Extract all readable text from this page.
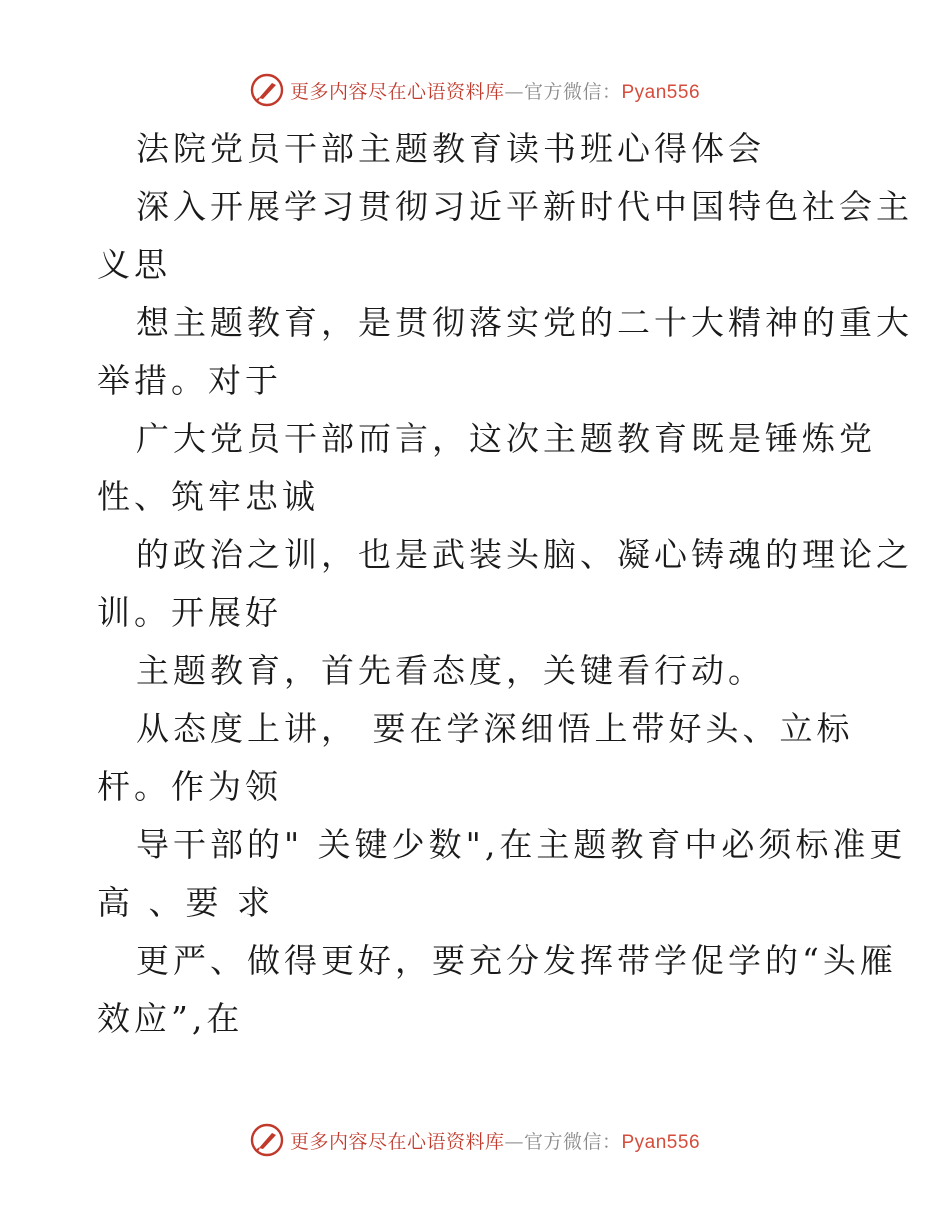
更多内容尽在心语资料库—官方微信：Pyan556
法院党员干部主题教育读书班心得体会
深入开展学习贯彻习近平新时代中国特色社会主
义思
想主题教育，是贯彻落实党的二十大精神的重大
举措。对于
广大党员干部而言，这次主题教育既是锤炼党
性、筑牢忠诚
的政治之训，也是武装头脑、凝心铸魂的理论之
训。开展好
主题教育，首先看态度，关键看行动。
从态度上讲， 要在学深细悟上带好头、立标
杆。作为领
导干部的" 关键少数",在主题教育中必须标准更
高 、要 求
更严、做得更好，要充分发挥带学促学的“头雁
效应”,在
更多内容尽在心语资料库—官方微信：Pyan556
